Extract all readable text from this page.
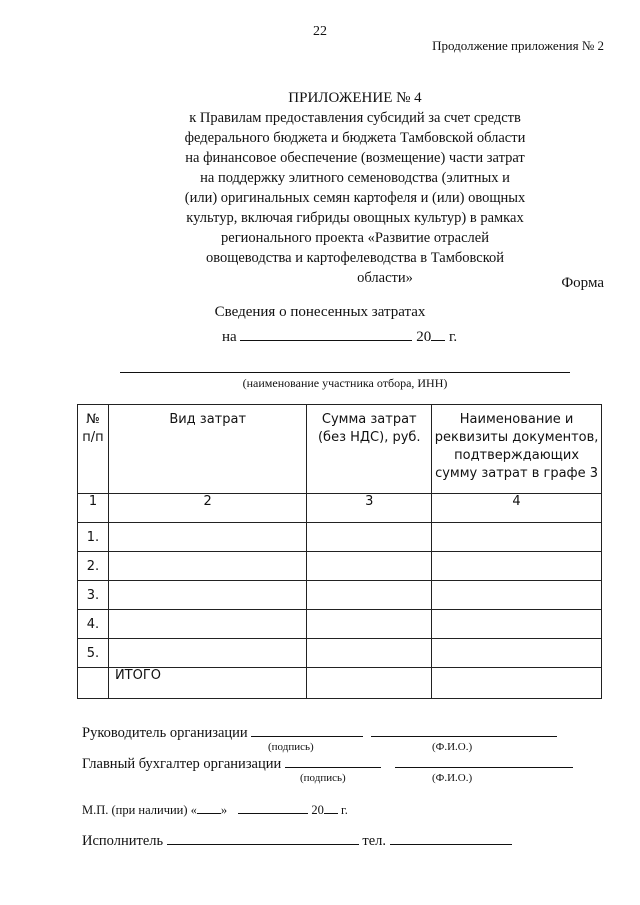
22
Продолжение приложения № 2
ПРИЛОЖЕНИЕ № 4
к Правилам предоставления субсидий за счет средств
федерального бюджета и бюджета Тамбовской области
на финансовое обеспечение (возмещение) части затрат
на поддержку элитного семеноводства (элитных и
(или) оригинальных семян картофеля и (или) овощных
культур, включая гибриды овощных культур) в рамках
регионального проекта «Развитие отраслей
овощеводства и картофелеводства в Тамбовской
области»	Форма
Сведения о понесенных затратах
на	20 г.
(наименование участника отбора, ИНН)
№ п/п	Вид затрат	Сумма затрат (без НДС), руб.	Наименование и реквизиты документов, подтверждающих сумму затрат в графе 3
1	2	3	4
1.			
2.			
3.			
4.			
5.			
	ИТОГО		
Руководитель организации
(подпись)	(Ф.И.О.)
Главный бухгалтер организации
(подпись)	(Ф.И.О.)
М.П. (при наличии) « »	20 г.
Исполнитель	тел.
